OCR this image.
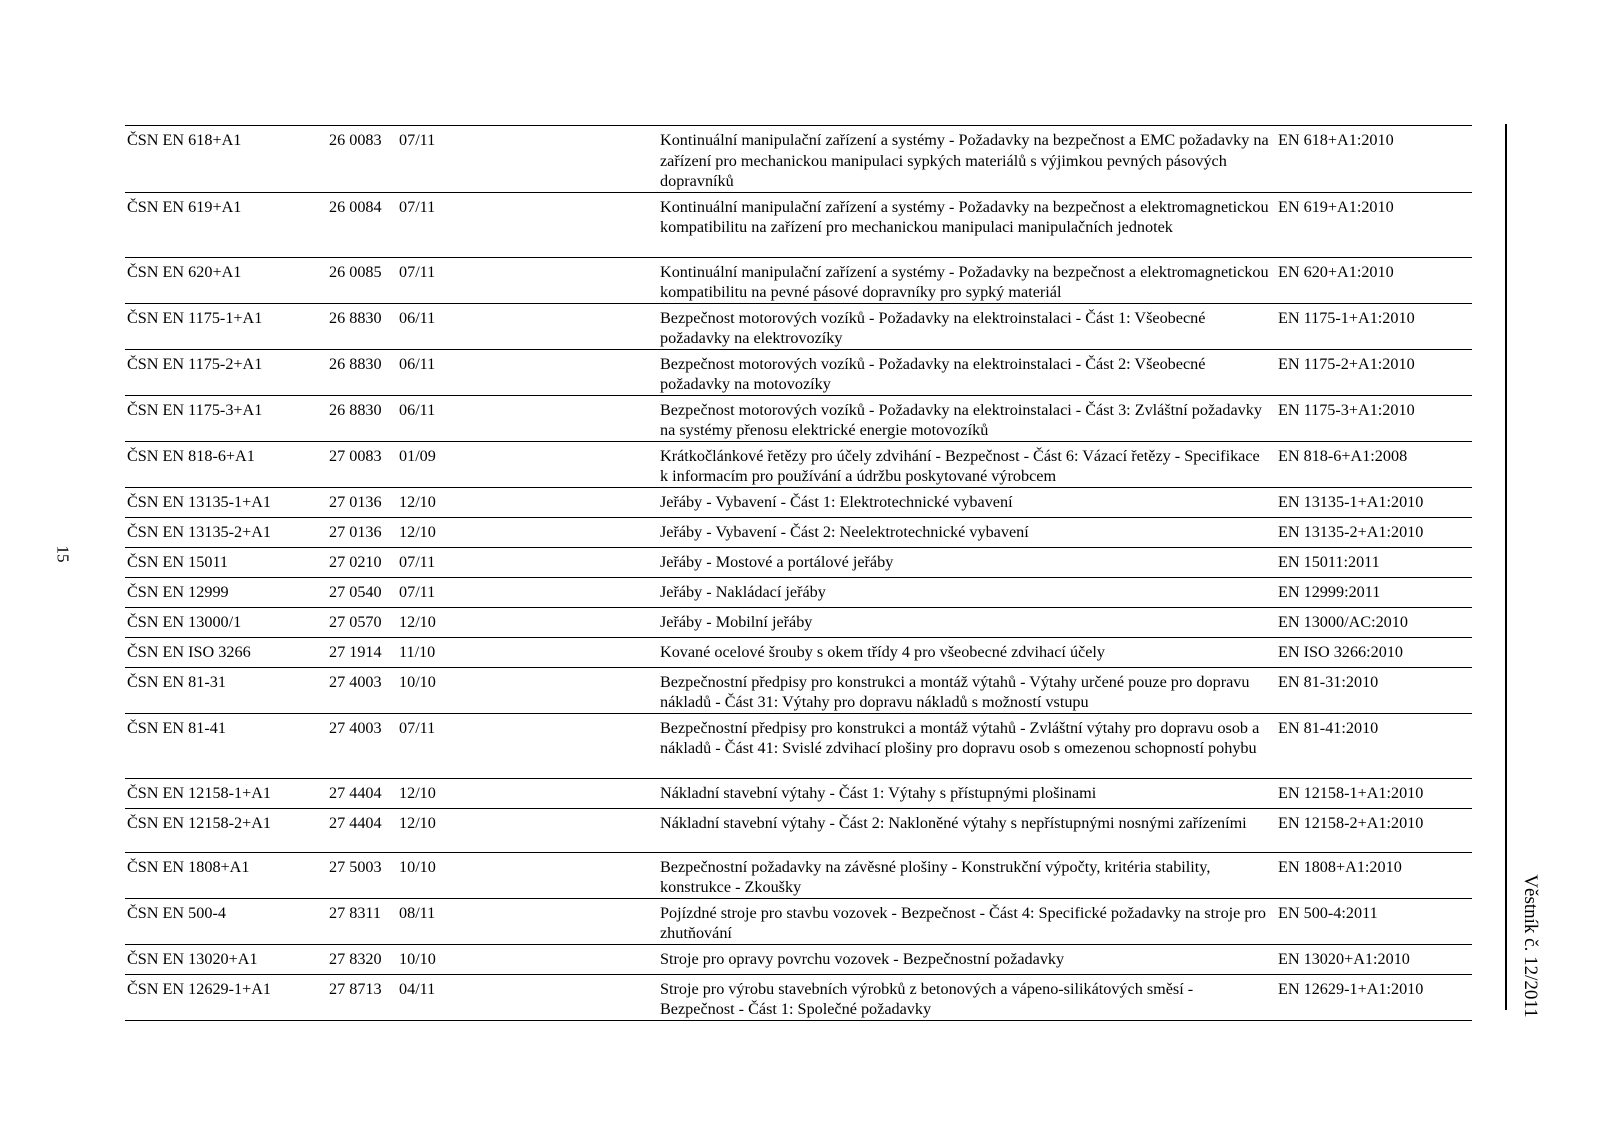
15
ČSN EN 618+A1	26 0083	07/11	Kontinuální manipulační zařízení a systémy - Požadavky na bezpečnost a EMC požadavky na zařízení pro mechanickou manipulaci sypkých materiálů s výjimkou pevných pásových dopravníků	EN 618+A1:2010
ČSN EN 619+A1	26 0084	07/11	Kontinuální manipulační zařízení a systémy - Požadavky na bezpečnost a elektromagnetickou kompatibilitu na zařízení pro mechanickou manipulaci manipulačních jednotek	EN 619+A1:2010
ČSN EN 620+A1	26 0085	07/11	Kontinuální manipulační zařízení a systémy - Požadavky na bezpečnost a elektromagnetickou kompatibilitu na pevné pásové dopravníky pro sypký materiál	EN 620+A1:2010
ČSN EN 1175-1+A1	26 8830	06/11	Bezpečnost motorových vozíků - Požadavky na elektroinstalaci - Část 1: Všeobecné požadavky na elektrovozíky	EN 1175-1+A1:2010
ČSN EN 1175-2+A1	26 8830	06/11	Bezpečnost motorových vozíků - Požadavky na elektroinstalaci - Část 2: Všeobecné požadavky na motovozíky	EN 1175-2+A1:2010
ČSN EN 1175-3+A1	26 8830	06/11	Bezpečnost motorových vozíků - Požadavky na elektroinstalaci - Část 3: Zvláštní požadavky na systémy přenosu elektrické energie motovozíků	EN 1175-3+A1:2010
ČSN EN 818-6+A1	27 0083	01/09	Krátkočlánkové řetězy pro účely zdvihání - Bezpečnost - Část 6: Vázací řetězy - Specifikace k informacím pro používání a údržbu poskytované výrobcem	EN 818-6+A1:2008
ČSN EN 13135-1+A1	27 0136	12/10	Jeřáby - Vybavení - Část 1: Elektrotechnické vybavení	EN 13135-1+A1:2010
ČSN EN 13135-2+A1	27 0136	12/10	Jeřáby - Vybavení - Část 2: Neelektrotechnické vybavení	EN 13135-2+A1:2010
ČSN EN 15011	27 0210	07/11	Jeřáby - Mostové a portálové jeřáby	EN 15011:2011
ČSN EN 12999	27 0540	07/11	Jeřáby - Nakládací jeřáby	EN 12999:2011
ČSN EN 13000/1	27 0570	12/10	Jeřáby - Mobilní jeřáby	EN 13000/AC:2010
ČSN EN ISO 3266	27 1914	11/10	Kované ocelové šrouby s okem třídy 4 pro všeobecné zdvihací účely	EN ISO 3266:2010
ČSN EN 81-31	27 4003	10/10	Bezpečnostní předpisy pro konstrukci a montáž výtahů - Výtahy určené pouze pro dopravu nákladů - Část 31: Výtahy pro dopravu nákladů s možností vstupu	EN 81-31:2010
ČSN EN 81-41	27 4003	07/11	Bezpečnostní předpisy pro konstrukci a montáž výtahů - Zvláštní výtahy pro dopravu osob a nákladů - Část 41: Svislé zdvihací plošiny pro dopravu osob s omezenou schopností pohybu	EN 81-41:2010
ČSN EN 12158-1+A1	27 4404	12/10	Nákladní stavební výtahy - Část 1: Výtahy s přístupnými plošinami	EN 12158-1+A1:2010
ČSN EN 12158-2+A1	27 4404	12/10	Nákladní stavební výtahy - Část 2: Nakloněné výtahy s nepřístupnými nosnými zařízeními	EN 12158-2+A1:2010
ČSN EN 1808+A1	27 5003	10/10	Bezpečnostní požadavky na závěsné plošiny - Konstrukční výpočty, kritéria stability, konstrukce - Zkoušky	EN 1808+A1:2010
ČSN EN 500-4	27 8311	08/11	Pojízdné stroje pro stavbu vozovek - Bezpečnost - Část 4: Specifické požadavky na stroje pro zhutňování	EN 500-4:2011
ČSN EN 13020+A1	27 8320	10/10	Stroje pro opravy povrchu vozovek - Bezpečnostní požadavky	EN 13020+A1:2010
ČSN EN 12629-1+A1	27 8713	04/11	Stroje pro výrobu stavebních výrobků z betonových a vápeno-silikátových směsí - Bezpečnost - Část 1: Společné požadavky	EN 12629-1+A1:2010	Věstník č. 12/2011
